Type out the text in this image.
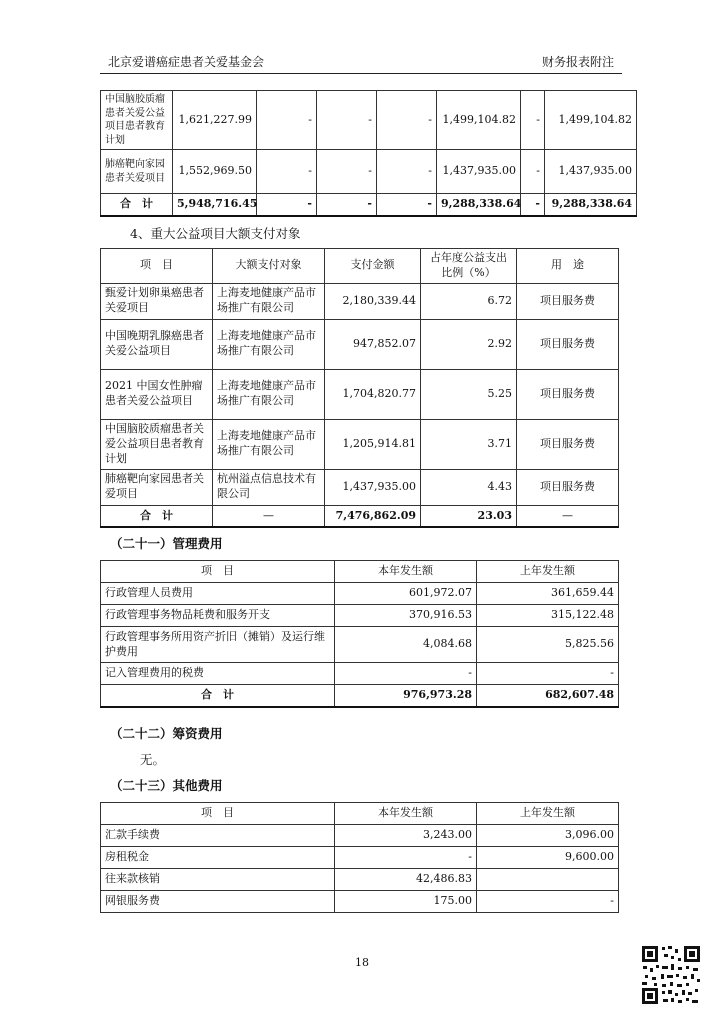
北京爱谱癌症患者关爱基金会	财务报表附注
中国脑胶质瘤患者关爱公益项目患者教育计划	1,621,227.99	-	-	-	1,499,104.82	-	1,499,104.82
肺癌靶向家园患者关爱项目	1,552,969.50	-	-	-	1,437,935.00	-	1,437,935.00
合　计	5,948,716.45	-	-	-	9,288,338.64	-	9,288,338.64
4、重大公益项目大额支付对象
项　目	大额支付对象	支付金额	占年度公益支出比例（%）	用　途
甄爱计划卵巢癌患者关爱项目	上海麦地健康产品市场推广有限公司	2,180,339.44	6.72	项目服务费
中国晚期乳腺癌患者关爱公益项目	上海麦地健康产品市场推广有限公司	947,852.07	2.92	项目服务费
2021 中国女性肿瘤患者关爱公益项目	上海麦地健康产品市场推广有限公司	1,704,820.77	5.25	项目服务费
中国脑胶质瘤患者关爱公益项目患者教育计划	上海麦地健康产品市场推广有限公司	1,205,914.81	3.71	项目服务费
肺癌靶向家园患者关爱项目	杭州溢点信息技术有限公司	1,437,935.00	4.43	项目服务费
合　计	—	7,476,862.09	23.03	—
（二十一）管理费用
项　目	本年发生额	上年发生额
行政管理人员费用	601,972.07	361,659.44
行政管理事务物品耗费和服务开支	370,916.53	315,122.48
行政管理事务所用资产折旧（摊销）及运行维护费用	4,084.68	5,825.56
记入管理费用的税费	-	-
合　计	976,973.28	682,607.48
（二十二）筹资费用
无。
（二十三）其他费用
项　目	本年发生额	上年发生额
汇款手续费	3,243.00	3,096.00
房租税金	-	9,600.00
往来款核销	42,486.83	
网银服务费	175.00	-
18
